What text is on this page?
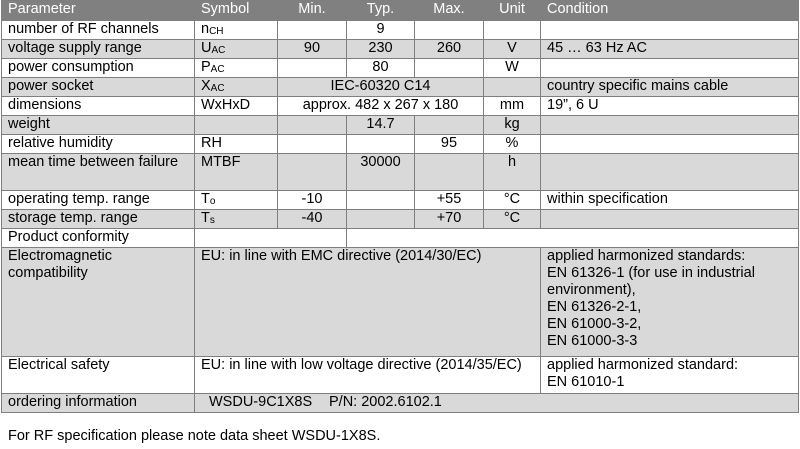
Parameter	Symbol	Min.	Typ.	Max.	Unit	Condition
number of RF channels	$n_{CH}$		9			
voltage supply range	$U_{AC}$	90	230	260	V	45 … 63 Hz AC
power consumption	$P_{AC}$		80		W	
power socket	$X_{AC}$	IEC-60320 C14				country specific mains cable
dimensions	WxHxD	approx. 482 x 267 x 180			mm	19”, 6 U
weight			14.7		kg	
relative humidity	RH			95	%	
mean time between failure	MTBF		30000		h	
operating temp. range	$T_o$	-10		+55	°C	within specification
storage temp. range	$T_s$	-40		+70	°C	
Product conformity						
Electromagnetic compatibility	EU: in line with EMC directive (2014/30/EC)					applied harmonized standards:
EN 61326-1 (for use in industrial environment),
EN 61326-2-1,
EN 61000-3-2,
EN 61000-3-3

Electrical safety	EU: in line with low voltage directive (2014/35/EC)					applied harmonized standard:
EN 61010-1

ordering information	WSDU-9C1X8S P/N: 2002.6102.1					
For RF specification please note data sheet WSDU-1X8S.
